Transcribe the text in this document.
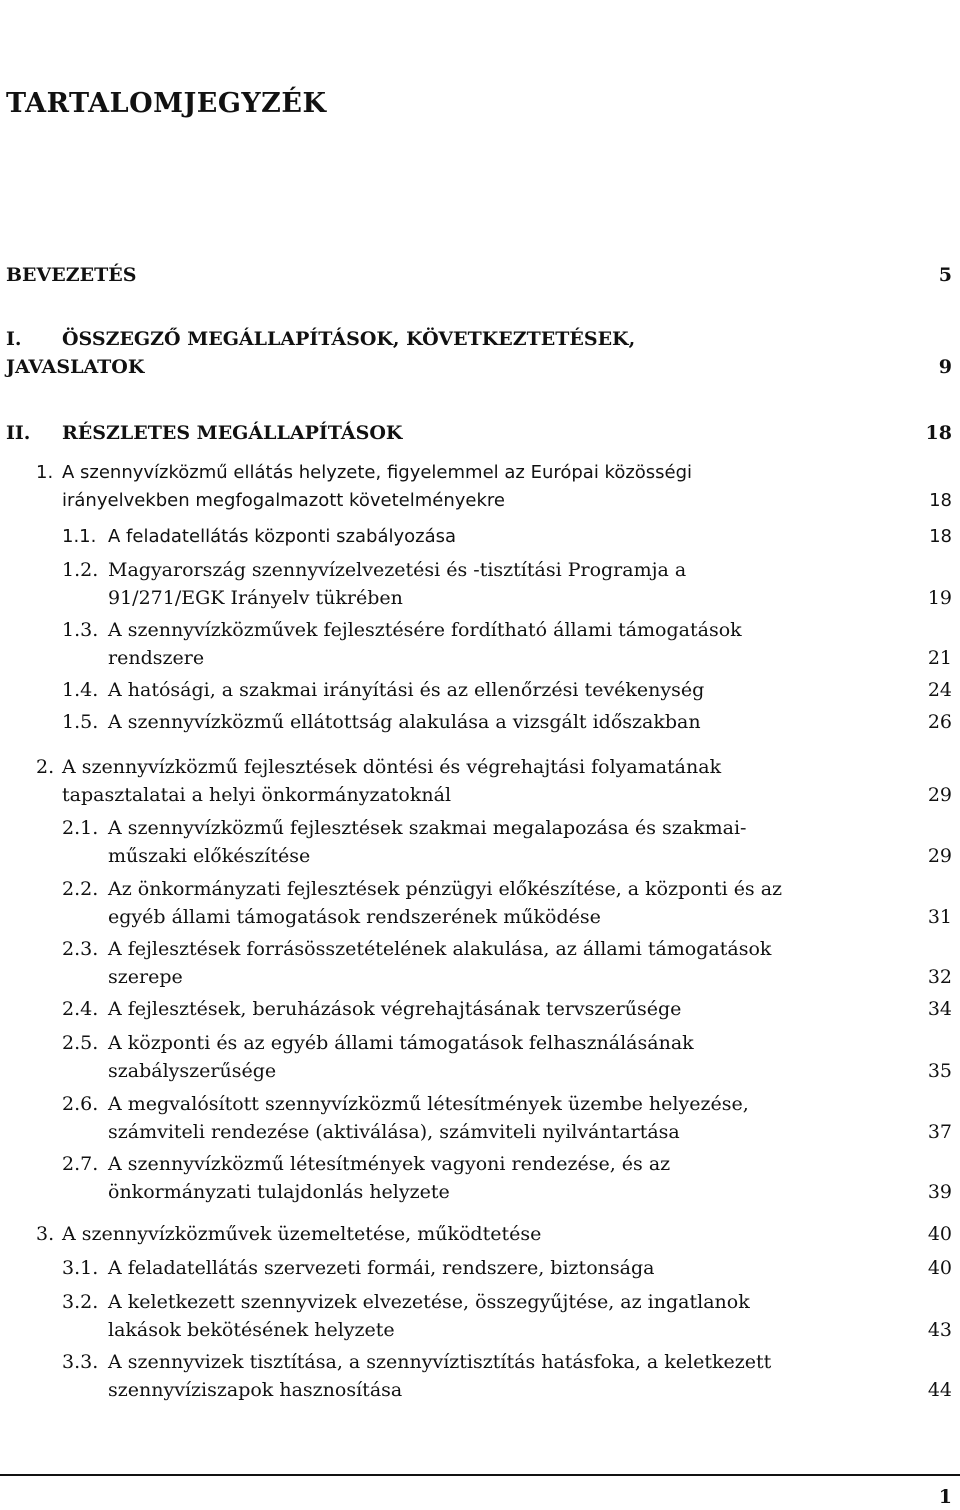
TARTALOMJEGYZÉK
BEVEZETÉS	5
I. ÖSSZEGZŐ MEGÁLLAPÍTÁSOK, KÖVETKEZTETÉSEK,
JAVASLATOK	9
II. RÉSZLETES MEGÁLLAPÍTÁSOK	18
1. A szennyvízközmű ellátás helyzete, figyelemmel az Európai közösségi
irányelvekben megfogalmazott követelményekre	18
1.1. A feladatellátás központi szabályozása	18
1.2. Magyarország szennyvízelvezetési és -tisztítási Programja a
91/271/EGK Irányelv tükrében	19
1.3. A szennyvízközművek fejlesztésére fordítható állami támogatások
rendszere	21
1.4. A hatósági, a szakmai irányítási és az ellenőrzési tevékenység	24
1.5. A szennyvízközmű ellátottság alakulása a vizsgált időszakban	26
2. A szennyvízközmű fejlesztések döntési és végrehajtási folyamatának
tapasztalatai a helyi önkormányzatoknál	29
2.1. A szennyvízközmű fejlesztések szakmai megalapozása és szakmai-
műszaki előkészítése	29
2.2. Az önkormányzati fejlesztések pénzügyi előkészítése, a központi és az
egyéb állami támogatások rendszerének működése	31
2.3. A fejlesztések forrásösszetételének alakulása, az állami támogatások
szerepe	32
2.4. A fejlesztések, beruházások végrehajtásának tervszerűsége	34
2.5. A központi és az egyéb állami támogatások felhasználásának
szabályszerűsége	35
2.6. A megvalósított szennyvízközmű létesítmények üzembe helyezése,
számviteli rendezése (aktiválása), számviteli nyilvántartása	37
2.7. A szennyvízközmű létesítmények vagyoni rendezése, és az
önkormányzati tulajdonlás helyzete	39
3. A szennyvízközművek üzemeltetése, működtetése	40
3.1. A feladatellátás szervezeti formái, rendszere, biztonsága	40
3.2. A keletkezett szennyvizek elvezetése, összegyűjtése, az ingatlanok
lakások bekötésének helyzete	43
3.3. A szennyvizek tisztítása, a szennyvíztisztítás hatásfoka, a keletkezett
szennyvíziszapok hasznosítása	44
1
